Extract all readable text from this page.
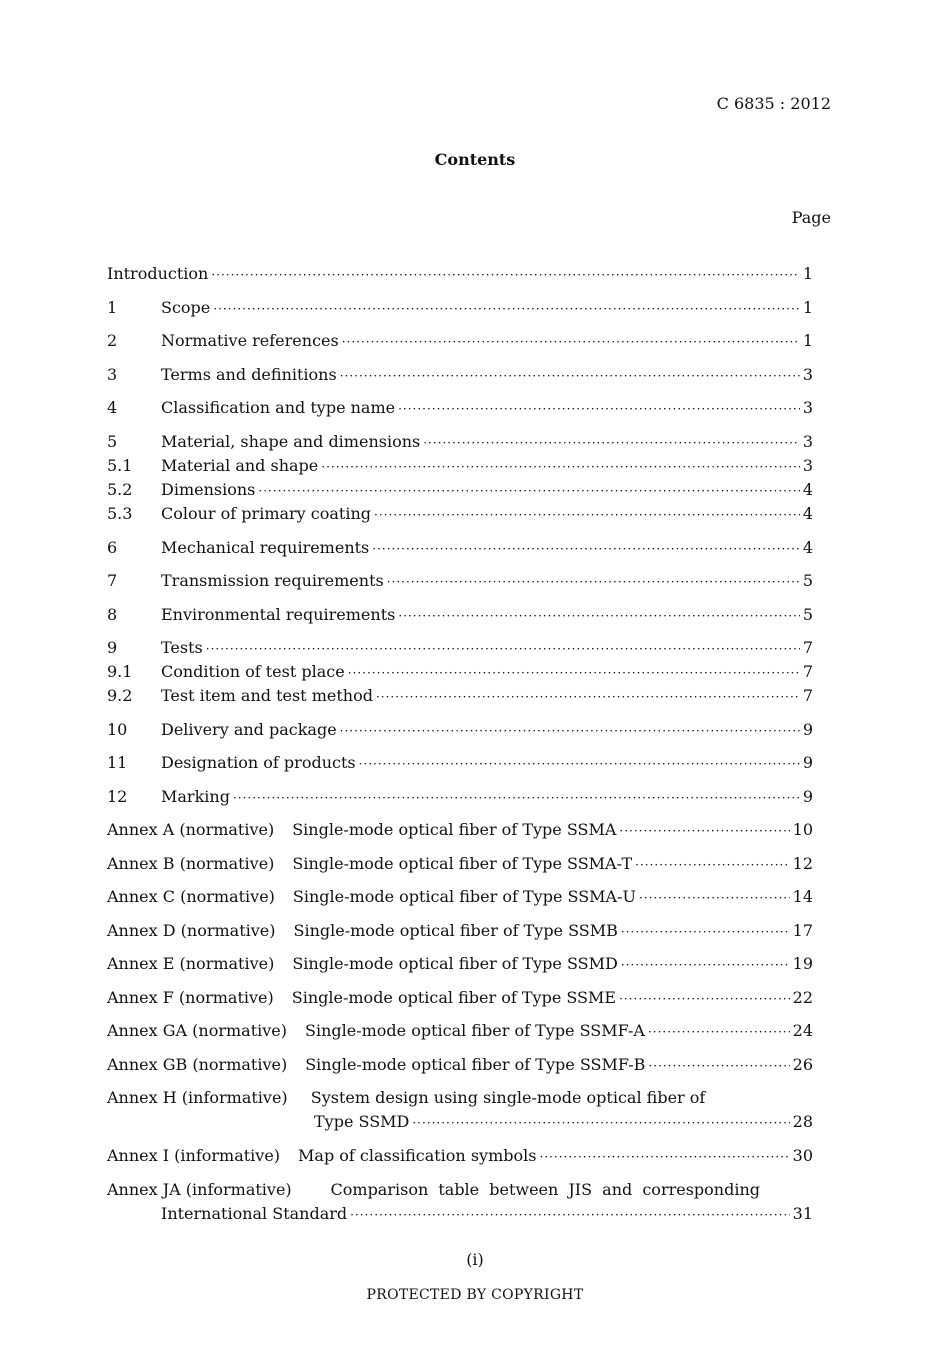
C 6835 : 2012
Contents
Page
Introduction ·····	1
1	Scope ·····	1
2	Normative references ·····	1
3	Terms and definitions ·····	3
4	Classification and type name ·····	3
5	Material, shape and dimensions ·····	3
5.1	Material and shape ·····	3
5.2	Dimensions ·····	4
5.3	Colour of primary coating ·····	4
6	Mechanical requirements ·····	4
7	Transmission requirements ·····	5
8	Environmental requirements ·····	5
9	Tests ·····	7
9.1	Condition of test place ·····	7
9.2	Test item and test method ·····	7
10	Delivery and package ·····	9
11	Designation of products ·····	9
12	Marking ·····	9
Annex A (normative) Single-mode optical fiber of Type SSMA ·····	10
Annex B (normative) Single-mode optical fiber of Type SSMA-T ·····	12
Annex C (normative) Single-mode optical fiber of Type SSMA-U ·····	14
Annex D (normative) Single-mode optical fiber of Type SSMB ·····	17
Annex E (normative) Single-mode optical fiber of Type SSMD ·····	19
Annex F (normative) Single-mode optical fiber of Type SSME ·····	22
Annex GA (normative) Single-mode optical fiber of Type SSMF-A ·····	24
Annex GB (normative) Single-mode optical fiber of Type SSMF-B ·····	26
Annex H (informative) System design using single-mode optical fiber of
Type SSMD ·····	28
Annex I (informative) Map of classification symbols ·····	30
Annex JA (informative) Comparison table between JIS and corresponding
International Standard ·····	31
(i)
PROTECTED BY COPYRIGHT
